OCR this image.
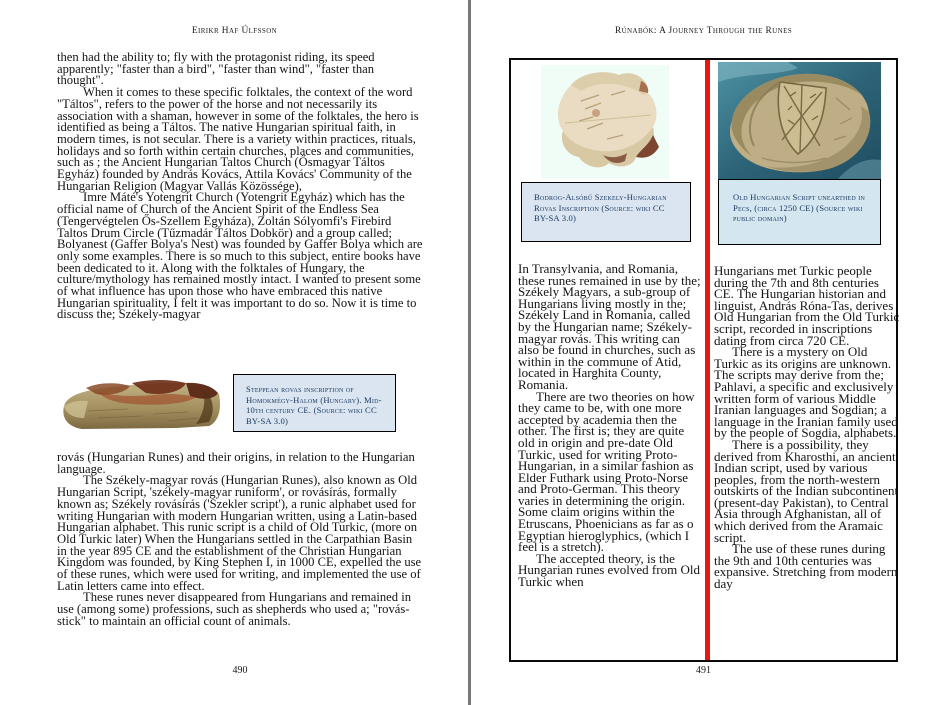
Eirikr Haf Úlfsson

then had the ability to; fly with the protagonist riding, its speed apparently; "faster than a bird", "faster than wind", "faster than thought".

When it comes to these specific folktales, the context of the word "Táltos", refers to the power of the horse and not necessarily its association with a shaman, however in some of the folktales, the hero is identified as being a Táltos. The native Hungarian spiritual faith, in modern times, is not secular. There is a variety within practices, rituals, holidays and so forth within certain churches, places and communities, such as ; the Ancient Hungarian Taltos Church (Ősmagyar Táltos Egyház) founded by András Kovács, Attila Kovács' Community of the Hungarian Religion (Magyar Vallás Közössége),

Imre Máté's Yotengrit Church (Yotengrit Egyház) which has the official name of Church of the Ancient Spirit of the Endless Sea (Tengervégtelen Ős-Szellem Egyháza), Zoltán Sólyomfi's Firebird Taltos Drum Circle (Tűzmadár Táltos Dobkör) and a group called; Bolyanest (Gaffer Bolya's Nest) was founded by Gaffer Bolya which are only some examples. There is so much to this subject, entire books have been dedicated to it. Along with the folktales of Hungary, the culture/mythology has remained mostly intact. I wanted to present some of what influence has upon those who have embraced this native Hungarian spirituality, I felt it was important to do so. Now it is time to discuss the; Székely-magyar

Steppean rovas inscription of Homokmégy-Halom (Hungary). Mid-10th century CE. (Source: wiki CC BY-SA 3.0)

rovás (Hungarian Runes) and their origins, in relation to the Hungarian language.

The Székely-magyar rovás (Hungarian Runes), also known as Old Hungarian Script, 'székely-magyar runiform', or rovásírás, formally known as; Székely rovásírás ('Szekler script'), a runic alphabet used for writing Hungarian with modern Hungarian written, using a Latin-based Hungarian alphabet. This runic script is a child of Old Turkic, (more on Old Turkic later) When the Hungarians settled in the Carpathian Basin in the year 895 CE and the establishment of the Christian Hungarian Kingdom was founded, by King Stephen I, in 1000 CE, expelled the use of these runes, which were used for writing, and implemented the use of Latin letters came into effect.

These runes never disappeared from Hungarians and remained in use (among some) professions, such as shepherds who used a; "rovás-stick" to maintain an official count of animals.

490
Rúnabók: A Journey Through the Runes
Bodrog-Alsóbű Szekely-Hungarian Rovas Inscription (Source: wiki CC BY-SA 3.0)

In Transylvania, and Romania, these runes remained in use by the; Székely Magyars, a sub-group of Hungarians living mostly in the; Székely Land in Romania, called by the Hungarian name; Székely-magyar rovás. This writing can also be found in churches, such as within in the commune of Atid, located in Harghita County, Romania.

There are two theories on how they came to be, with one more accepted by academia then the other. The first is; they are quite old in origin and pre-date Old Turkic, used for writing Proto-Hungarian, in a similar fashion as Elder Futhark using Proto-Norse and Proto-German. This theory varies in determining the origin. Some claim origins within the Etruscans, Phoenicians as far as o Egyptian hieroglyphics, (which I feel is a stretch).

The accepted theory, is the Hungarian runes evolved from Old Turkic when

Old Hungarian Script unearthed in Pecs, (circa 1250 CE) (Source wiki public domain)

Hungarians met Turkic people during the 7th and 8th centuries CE. The Hungarian historian and linguist, András Róna-Tas, derives Old Hungarian from the Old Turkic script, recorded in inscriptions dating from circa 720 CE.

There is a mystery on Old Turkic as its origins are unknown. The scripts may derive from the; Pahlavi, a specific and exclusively written form of various Middle Iranian languages and Sogdian; a language in the Iranian family used by the people of Sogdia, alphabets.

There is a possibility, they derived from Kharosthi, an ancient Indian script, used by various peoples, from the north-western outskirts of the Indian subcontinent (present-day Pakistan), to Central Asia through Afghanistan, all of which derived from the Aramaic script.

The use of these runes during the 9th and 10th centuries was expansive. Stretching from modern day

491
